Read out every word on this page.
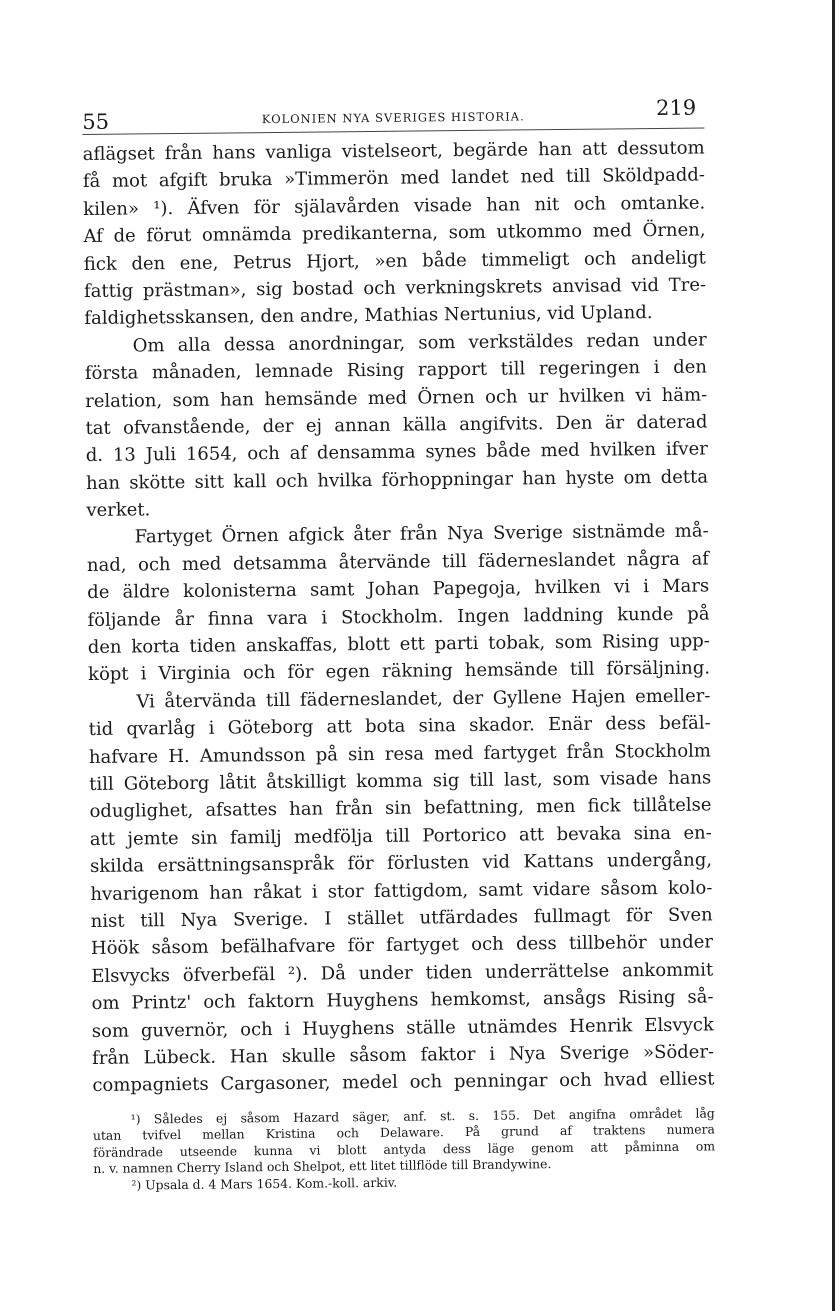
55	KOLONIEN NYA SVERIGES HISTORIA.	219
aflägset från hans vanliga vistelseort, begärde han att dessutom
få mot afgift bruka »Timmerön med landet ned till Sköldpadd-
kilen» ¹). Äfven för själavården visade han nit och omtanke.
Af de förut omnämda predikanterna, som utkommo med Örnen,
fick den ene, Petrus Hjort, »en både timmeligt och andeligt
fattig prästman», sig bostad och verkningskrets anvisad vid Tre-
faldighetsskansen, den andre, Mathias Nertunius, vid Upland.
Om alla dessa anordningar, som verkstäldes redan under
första månaden, lemnade Rising rapport till regeringen i den
relation, som han hemsände med Örnen och ur hvilken vi häm-
tat ofvanstående, der ej annan källa angifvits. Den är daterad
d. 13 Juli 1654, och af densamma synes både med hvilken ifver
han skötte sitt kall och hvilka förhoppningar han hyste om detta
verket.
Fartyget Örnen afgick åter från Nya Sverige sistnämde må-
nad, och med detsamma återvände till fäderneslandet några af
de äldre kolonisterna samt Johan Papegoja, hvilken vi i Mars
följande år finna vara i Stockholm. Ingen laddning kunde på
den korta tiden anskaffas, blott ett parti tobak, som Rising upp-
köpt i Virginia och för egen räkning hemsände till försäljning.
Vi återvända till fäderneslandet, der Gyllene Hajen emeller-
tid qvarlåg i Göteborg att bota sina skador. Enär dess befäl-
hafvare H. Amundsson på sin resa med fartyget från Stockholm
till Göteborg låtit åtskilligt komma sig till last, som visade hans
oduglighet, afsattes han från sin befattning, men fick tillåtelse
att jemte sin familj medfölja till Portorico att bevaka sina en-
skilda ersättningsanspråk för förlusten vid Kattans undergång,
hvarigenom han råkat i stor fattigdom, samt vidare såsom kolo-
nist till Nya Sverige. I stället utfärdades fullmagt för Sven
Höök såsom befälhafvare för fartyget och dess tillbehör under
Elsvycks öfverbefäl ²). Då under tiden underrättelse ankommit
om Printz' och faktorn Huyghens hemkomst, ansågs Rising så-
som guvernör, och i Huyghens ställe utnämdes Henrik Elsvyck
från Lübeck. Han skulle såsom faktor i Nya Sverige »Söder-
compagniets Cargasoner, medel och penningar och hvad elliest
¹) Således ej såsom Hazard säger, anf. st. s. 155. Det angifna området låg
utan tvifvel mellan Kristina och Delaware. På grund af traktens numera
förändrade utseende kunna vi blott antyda dess läge genom att påminna om
n. v. namnen Cherry Island och Shelpot, ett litet tillflöde till Brandywine.
²) Upsala d. 4 Mars 1654. Kom.-koll. arkiv.
